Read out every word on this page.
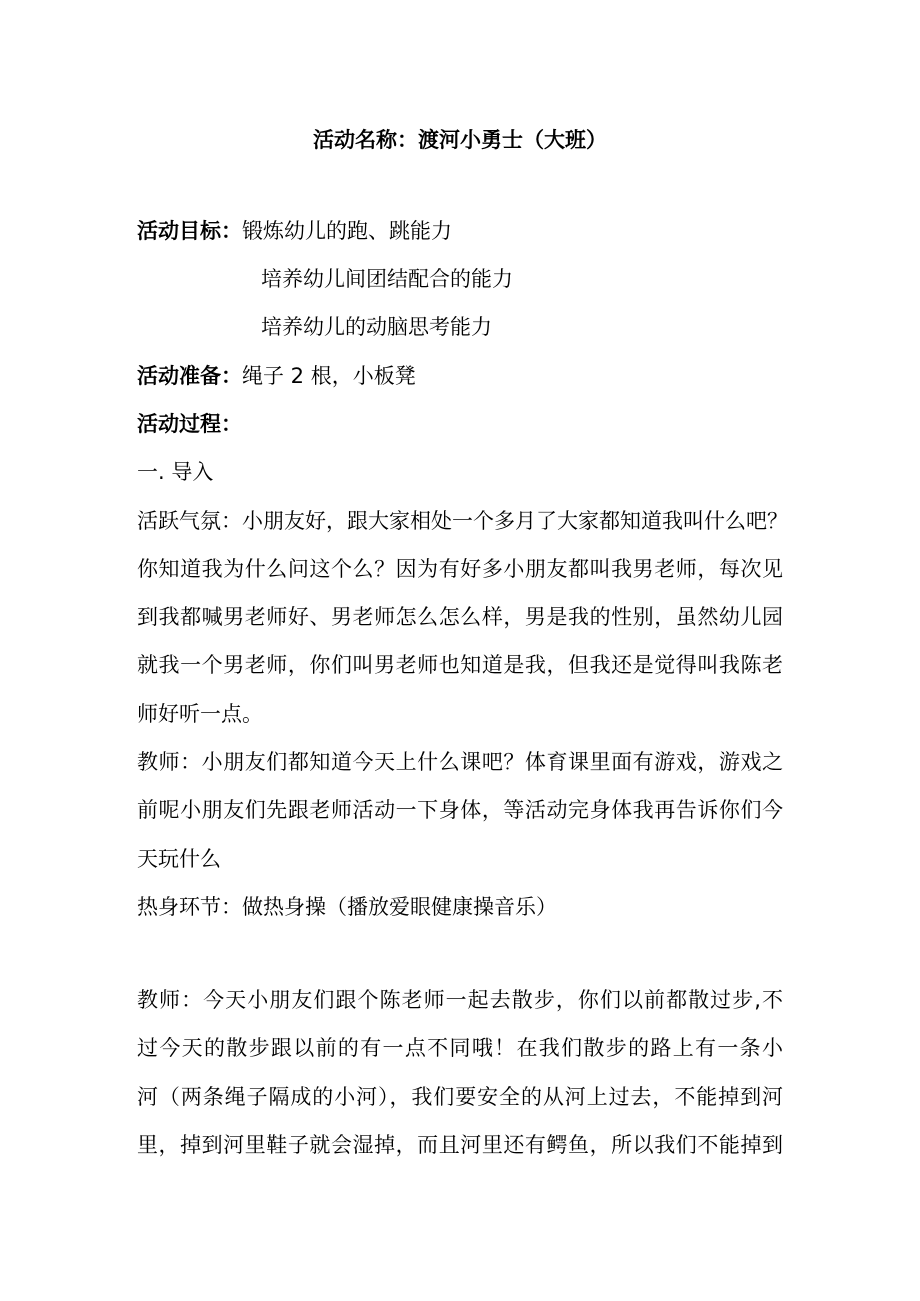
活动名称：渡河小勇士（大班）
活动目标：锻炼幼儿的跑、跳能力
培养幼儿间团结配合的能力
培养幼儿的动脑思考能力
活动准备：绳子 2 根，小板凳
活动过程：
一. 导入
活跃气氛：小朋友好，跟大家相处一个多月了大家都知道我叫什么吧？
你知道我为什么问这个么？因为有好多小朋友都叫我男老师，每次见
到我都喊男老师好、男老师怎么怎么样，男是我的性别，虽然幼儿园
就我一个男老师，你们叫男老师也知道是我，但我还是觉得叫我陈老
师好听一点。
教师：小朋友们都知道今天上什么课吧？体育课里面有游戏，游戏之
前呢小朋友们先跟老师活动一下身体，等活动完身体我再告诉你们今
天玩什么
热身环节：做热身操（播放爱眼健康操音乐）
教师：今天小朋友们跟个陈老师一起去散步，你们以前都散过步,不
过今天的散步跟以前的有一点不同哦！在我们散步的路上有一条小
河（两条绳子隔成的小河），我们要安全的从河上过去，不能掉到河
里，掉到河里鞋子就会湿掉，而且河里还有鳄鱼，所以我们不能掉到
